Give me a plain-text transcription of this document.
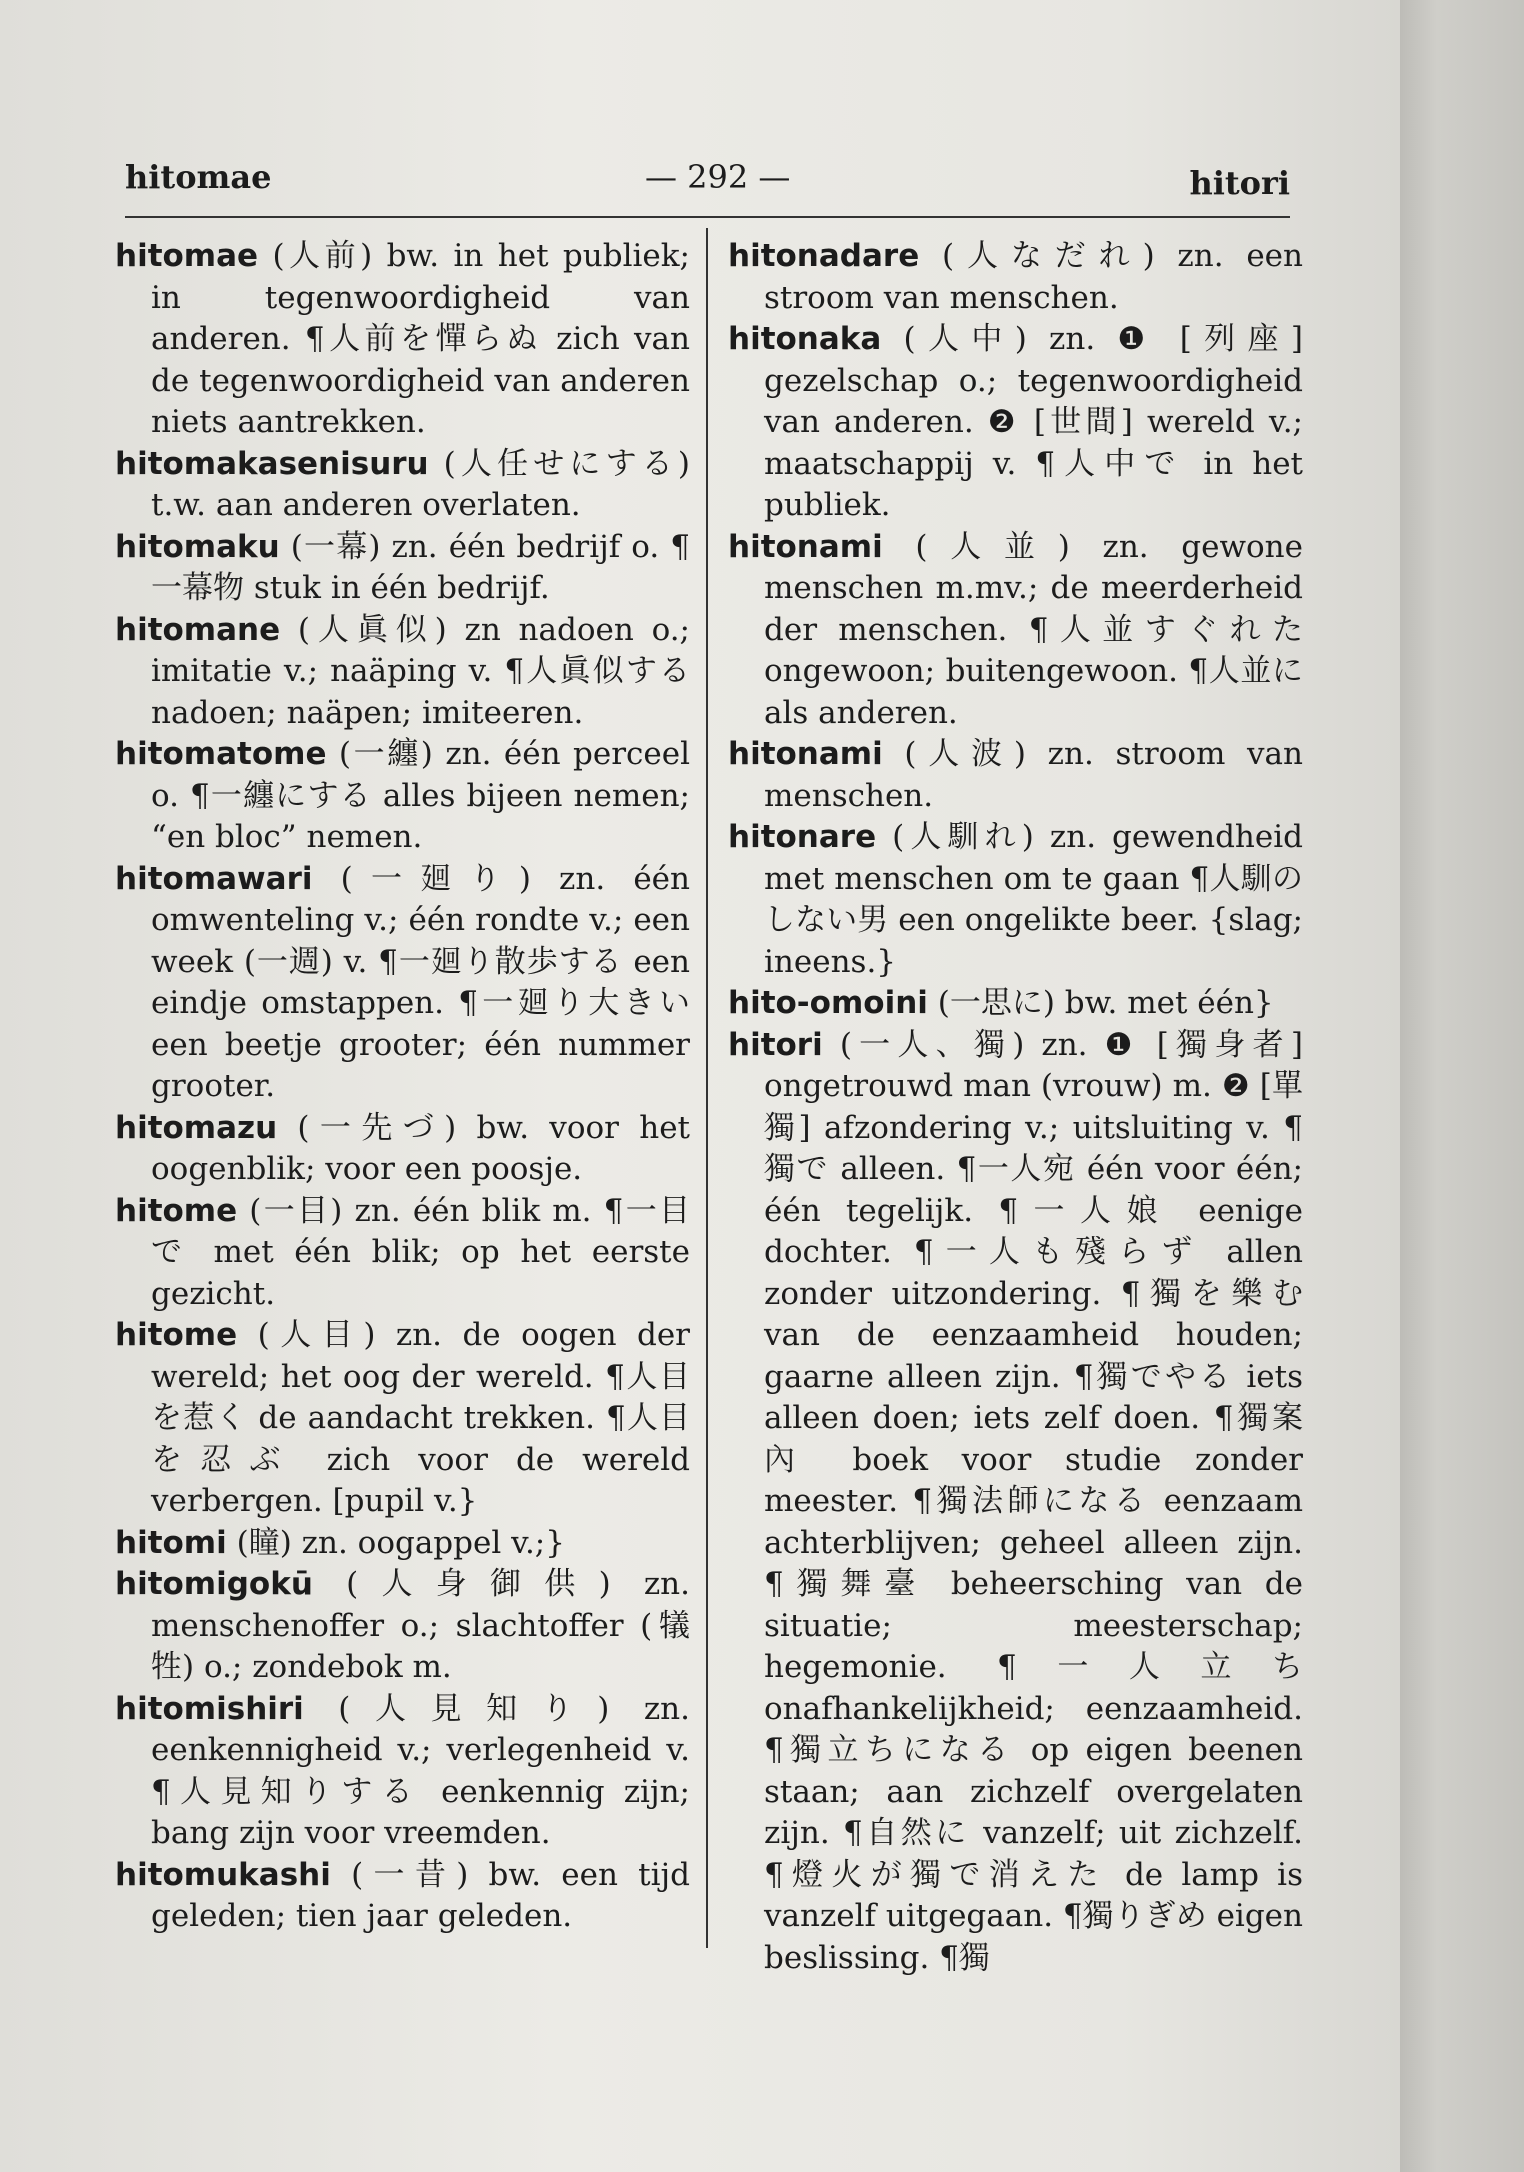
hitomae	— 292 —	hitori

hitomae (人前) bw. in het publiek; in tegenwoordigheid van anderen. ¶人前を憚らぬ zich van de tegenwoordigheid van anderen niets aantrekken.

hitomakasenisuru (人任せにする) t.w. aan anderen overlaten.

hitomaku (一幕) zn. één bedrijf o. ¶一幕物 stuk in één bedrijf.

hitomane (人眞似) zn nadoen o.; imitatie v.; naäping v. ¶人眞似する nadoen; naäpen; imiteeren.

hitomatome (一纏) zn. één perceel o. ¶一纏にする alles bijeen nemen; “en bloc” nemen.

hitomawari (一廻り) zn. één omwenteling v.; één rondte v.; een week (一週) v. ¶一廻り散歩する een eindje omstappen. ¶一廻り大きい een beetje grooter; één nummer grooter.

hitomazu (一先づ) bw. voor het oogenblik; voor een poosje.

hitome (一目) zn. één blik m. ¶一目で met één blik; op het eerste gezicht.

hitome (人目) zn. de oogen der wereld; het oog der wereld. ¶人目を惹く de aandacht trekken. ¶人目を忍ぶ zich voor de wereld verbergen. [pupil v.}

hitomi (瞳) zn. oogappel v.;}

hitomigokū (人身御供) zn. menschenoffer o.; slachtoffer (犠牲) o.; zondebok m.

hitomishiri (人見知り) zn. eenkennigheid v.; verlegenheid v. ¶人見知りする eenkennig zijn; bang zijn voor vreemden.

hitomukashi (一昔) bw. een tijd geleden; tien jaar geleden.

hitonadare (人なだれ) zn. een stroom van menschen.

hitonaka (人中) zn. ❶ [列座] gezelschap o.; tegenwoordigheid van anderen. ❷ [世間] wereld v.; maatschappij v. ¶人中で in het publiek.

hitonami (人並) zn. gewone menschen m.mv.; de meerderheid der menschen. ¶人並すぐれた ongewoon; buitengewoon. ¶人並に als anderen.

hitonami (人波) zn. stroom van menschen.

hitonare (人馴れ) zn. gewendheid met menschen om te gaan ¶人馴のしない男 een ongelikte beer. {slag; ineens.}

hito-omoini (一思に) bw. met één}

hitori (一人、獨) zn. ❶ [獨身者] ongetrouwd man (vrouw) m. ❷ [單獨] afzondering v.; uitsluiting v. ¶獨で alleen. ¶一人宛 één voor één; één tegelijk. ¶一人娘 eenige dochter. ¶一人も殘らず allen zonder uitzondering. ¶獨を樂む van de eenzaamheid houden; gaarne alleen zijn. ¶獨でやる iets alleen doen; iets zelf doen. ¶獨案內 boek voor studie zonder meester. ¶獨法師になる eenzaam achterblijven; geheel alleen zijn. ¶獨舞臺 beheersching van de situatie; meesterschap; hegemonie. ¶一人立ち onafhankelijkheid; eenzaamheid. ¶獨立ちになる op eigen beenen staan; aan zichzelf overgelaten zijn. ¶自然に vanzelf; uit zichzelf. ¶燈火が獨で消えた de lamp is vanzelf uitgegaan. ¶獨りぎめ eigen beslissing. ¶獨
